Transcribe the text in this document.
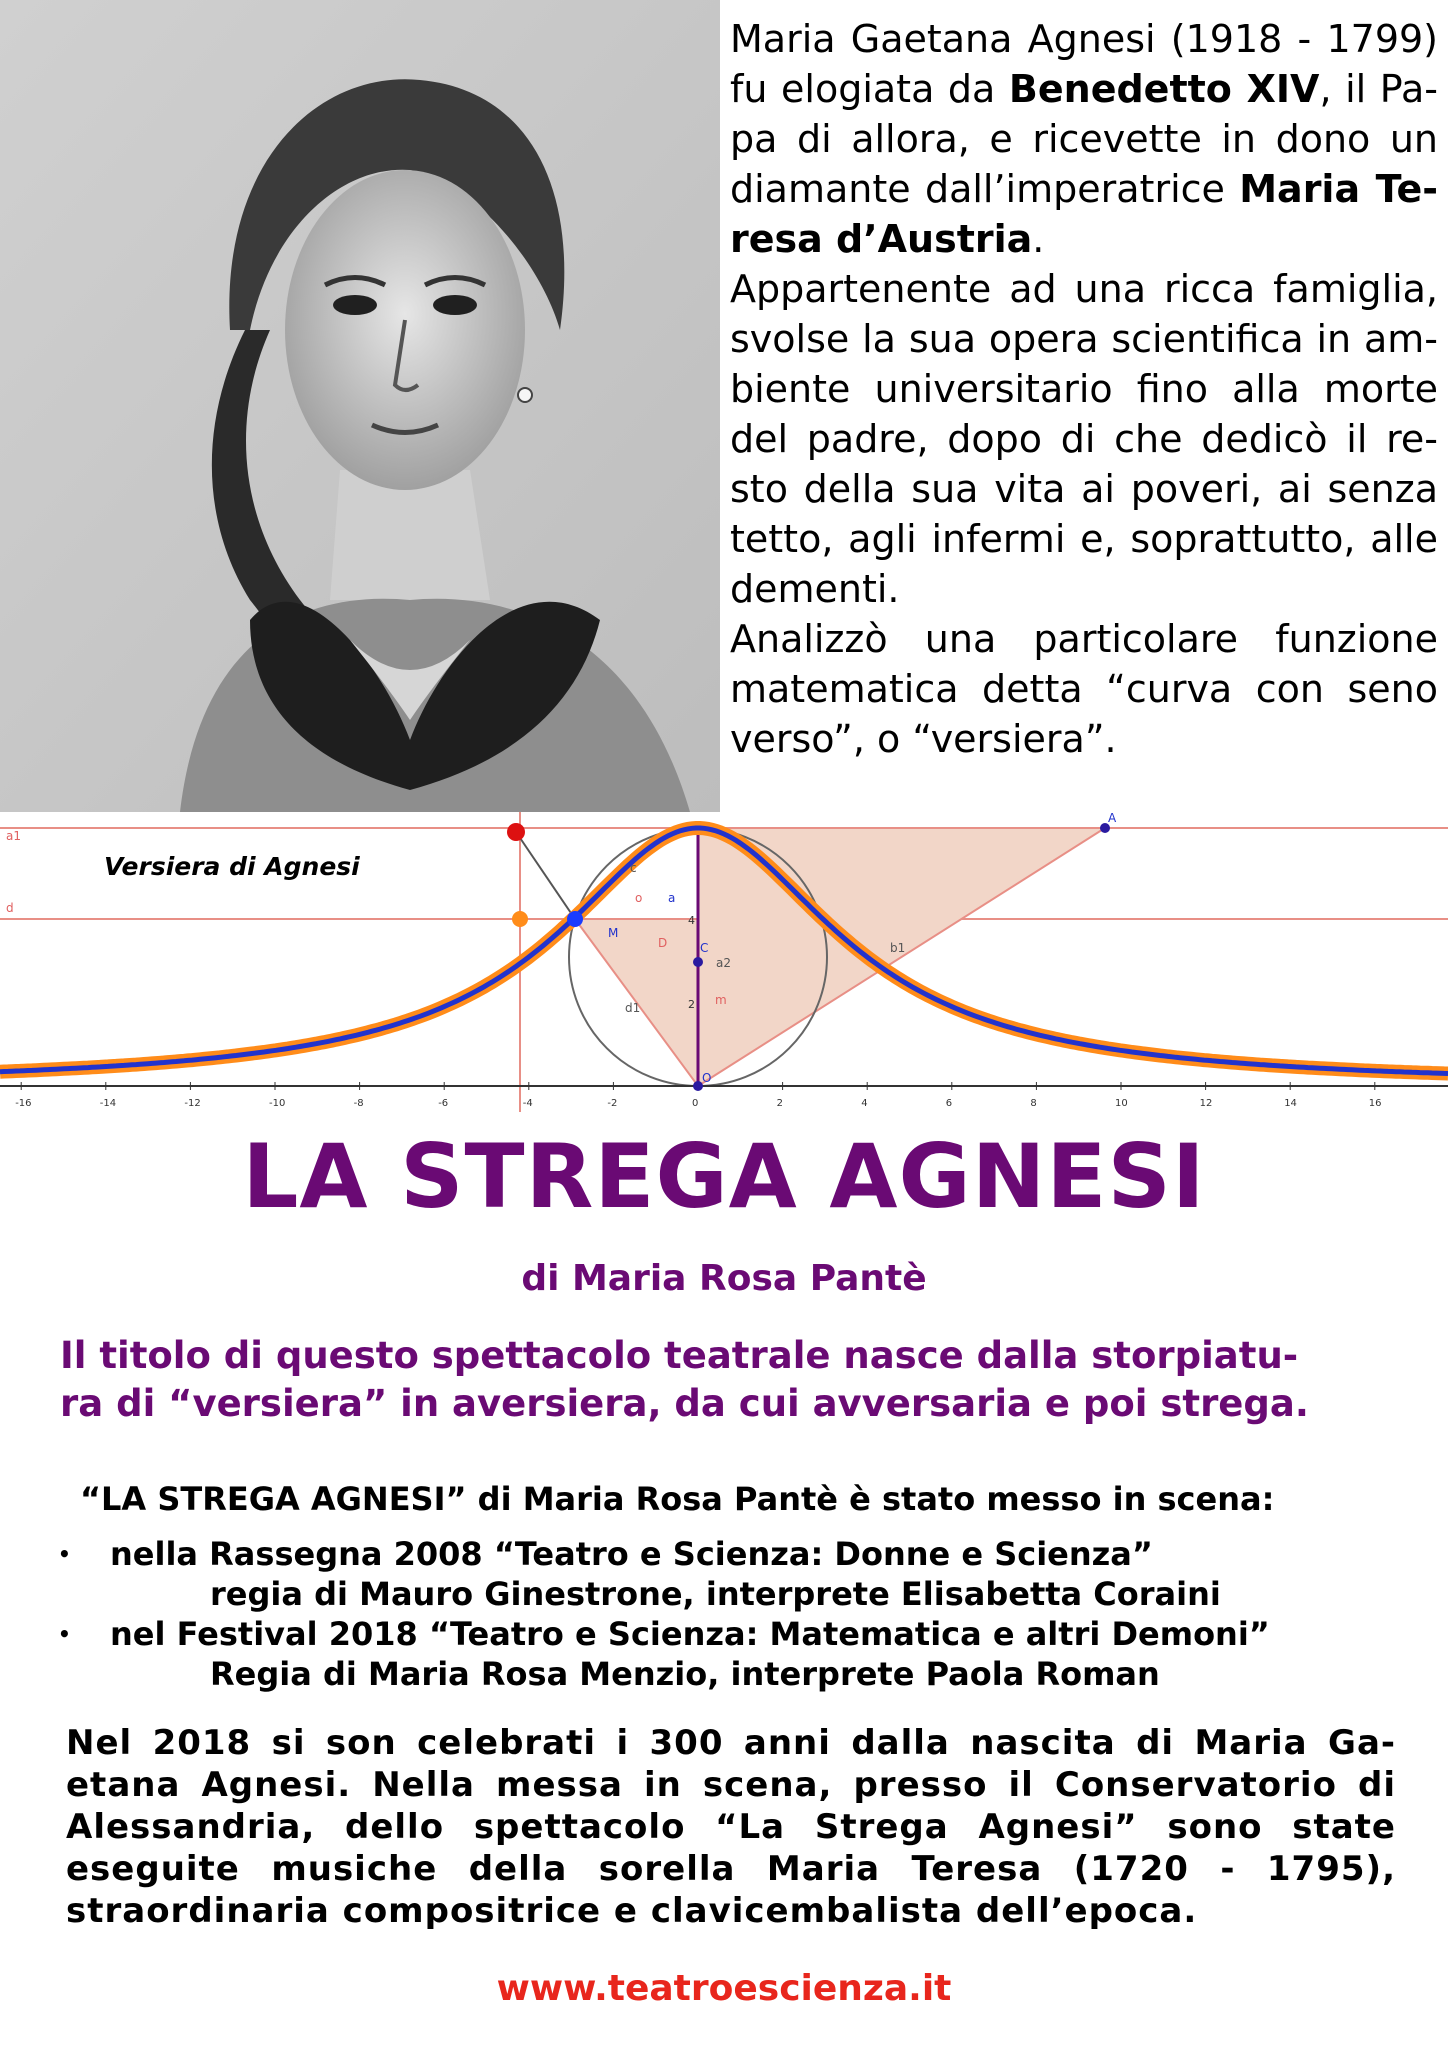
Maria Gaetana Agnesi (1918 - 1799) fu elogiata da Benedetto XIV, il Pa-pa di allora, e ricevette in dono un diamante dall’imperatrice Maria Te-resa d’Austria.

Appartenente ad una ricca famiglia, svolse la sua opera scientifica in am-biente universitario fino alla morte del padre, dopo di che dedicò il re-sto della sua vita ai poveri, ai senza tetto, agli infermi e, soprattutto, alle dementi.

Analizzò una particolare funzione matematica detta “curva con seno verso”, o “versiera”.

-16	-14	-12	-10	-8	-6	-4	-2	0	2	4	6	8	10	12	14	16
a1
d
c
o a
M
D	C
a2
d1
b1
m
O
A
4
2
Versiera di Agnesi
LA STREGA AGNESI
di Maria Rosa Pantè
Il titolo di questo spettacolo teatrale nasce dalla storpiatu-
ra di “versiera” in aversiera, da cui avversaria e poi strega.
“LA STREGA AGNESI” di Maria Rosa Pantè è stato messo in scena:
• nella Rassegna 2008 “Teatro e Scienza: Donne e Scienza”
regia di Mauro Ginestrone, interprete Elisabetta Coraini
• nel Festival 2018 “Teatro e Scienza: Matematica e altri Demoni”
Regia di Maria Rosa Menzio, interprete Paola Roman
Nel 2018 si son celebrati i 300 anni dalla nascita di Maria Ga-etana Agnesi. Nella messa in scena, presso il Conservatorio di Alessandria, dello spettacolo “La Strega Agnesi” sono state eseguite musiche della sorella Maria Teresa (1720 - 1795), straordinaria compositrice e clavicembalista dell’epoca.
www.teatroescienza.it
